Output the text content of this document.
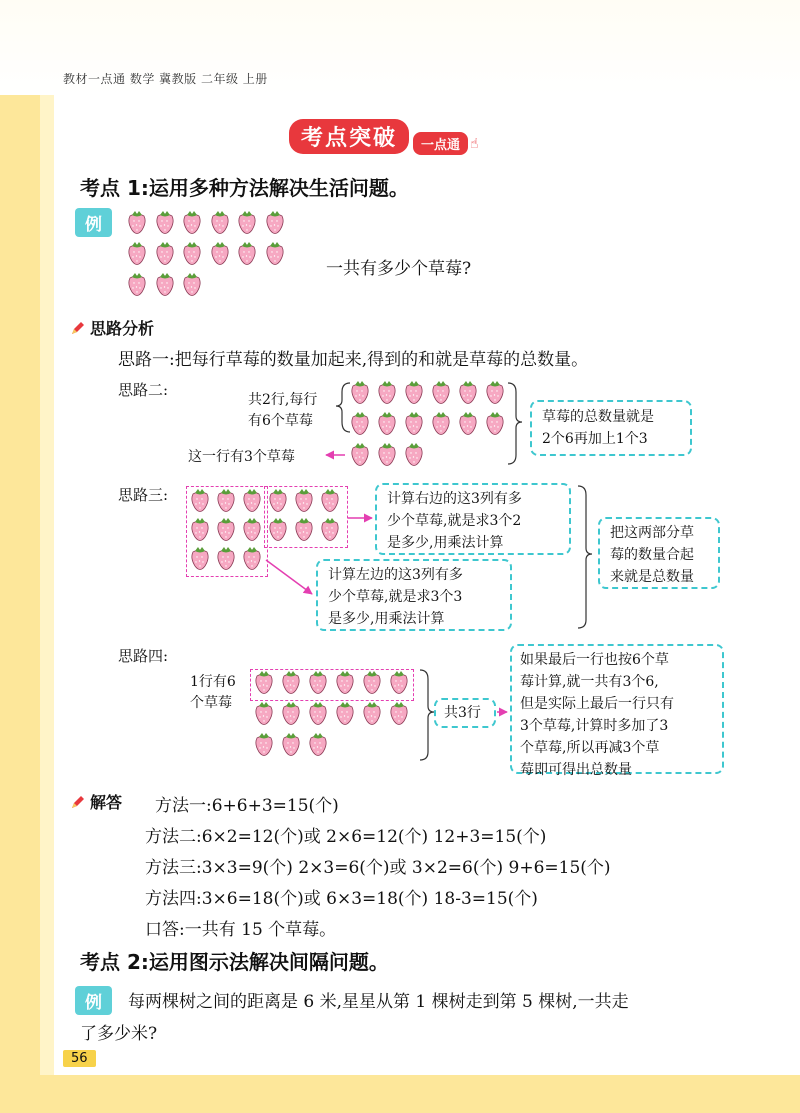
教材一点通 数学 冀教版 二年级 上册
考点突破	一点通 ☝
考点 1:运用多种方法解决生活问题。
例
一共有多少个草莓?
思路分析
思路一:把每行草莓的数量加起来,得到的和就是草莓的总数量。
思路二:
共2行,每行
有6个草莓
这一行有3个草莓
草莓的总数量就是
2个6再加上1个3
思路三:	计算右边的这3列有多
少个草莓,就是求3个2
是多少,用乘法计算
计算左边的这3列有多
少个草莓,就是求3个3
是多少,用乘法计算
把这两部分草
莓的数量合起
来就是总数量
思路四:
1行有6
个草莓
共3行
如果最后一行也按6个草
莓计算,就一共有3个6,
但是实际上最后一行只有
3个草莓,计算时多加了3
个草莓,所以再减3个草
莓即可得出总数量
解答 方法一:6+6+3=15(个)
方法二:6×2=12(个)或 2×6=12(个) 12+3=15(个)
方法三:3×3=9(个) 2×3=6(个)或 3×2=6(个) 9+6=15(个)
方法四:3×6=18(个)或 6×3=18(个) 18-3=15(个)
口答:一共有 15 个草莓。
考点 2:运用图示法解决间隔问题。
例	每两棵树之间的距离是 6 米,星星从第 1 棵树走到第 5 棵树,一共走
了多少米?
56
